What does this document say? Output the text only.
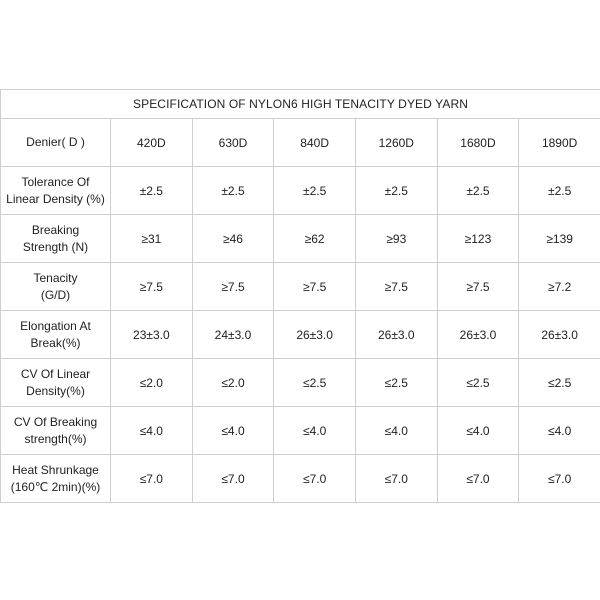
SPECIFICATION OF NYLON6 HIGH TENACITY DYED YARN						
Denier( D )	420D	630D	840D	1260D	1680D	1890D
Tolerance Of
Linear Density (%)	±2.5	±2.5	±2.5	±2.5	±2.5	±2.5
Breaking
Strength (N)	≥31	≥46	≥62	≥93	≥123	≥139
Tenacity
(G/D)	≥7.5	≥7.5	≥7.5	≥7.5	≥7.5	≥7.2
Elongation At
Break(%)	23±3.0	24±3.0	26±3.0	26±3.0	26±3.0	26±3.0
CV Of Linear
Density(%)	≤2.0	≤2.0	≤2.5	≤2.5	≤2.5	≤2.5
CV Of Breaking
strength(%)	≤4.0	≤4.0	≤4.0	≤4.0	≤4.0	≤4.0
Heat Shrunkage
(160℃ 2min)(%)	≤7.0	≤7.0	≤7.0	≤7.0	≤7.0	≤7.0
